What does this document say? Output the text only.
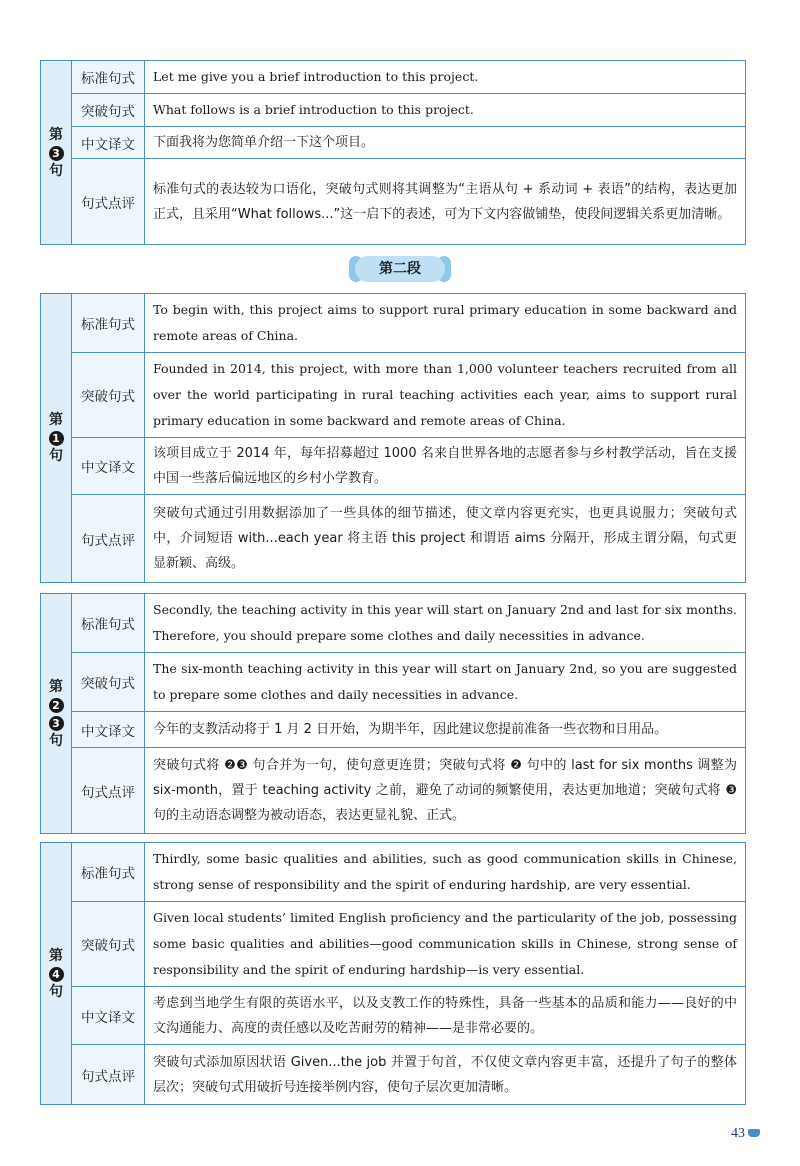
第
3
句	标准句式	Let me give you a brief introduction to this project.
	突破句式	What follows is a brief introduction to this project.
	中文译文	下面我将为您简单介绍一下这个项目。
	句式点评	标准句式的表达较为口语化，突破句式则将其调整为“主语从句 + 系动词 + 表语”的结构，表达更加正式，且采用“What follows...”这一启下的表述，可为下文内容做铺垫，使段间逻辑关系更加清晰。
第二段
第
1
句	标准句式	To begin with, this project aims to support rural primary education in some backward and remote areas of China.
	突破句式	Founded in 2014, this project, with more than 1,000 volunteer teachers recruited from all over the world participating in rural teaching activities each year, aims to support rural primary education in some backward and remote areas of China.
	中文译文	该项目成立于 2014 年，每年招募超过 1000 名来自世界各地的志愿者参与乡村教学活动，旨在支援中国一些落后偏远地区的乡村小学教育。
	句式点评	突破句式通过引用数据添加了一些具体的细节描述，使文章内容更充实，也更具说服力；突破句式中，介词短语 with...each year 将主语 this project 和谓语 aims 分隔开，形成主谓分隔，句式更显新颖、高级。
第
2
3
句	标准句式	Secondly, the teaching activity in this year will start on January 2nd and last for six months. Therefore, you should prepare some clothes and daily necessities in advance.
	突破句式	The six-month teaching activity in this year will start on January 2nd, so you are suggested to prepare some clothes and daily necessities in advance.
	中文译文	今年的支教活动将于 1 月 2 日开始，为期半年，因此建议您提前准备一些衣物和日用品。
	句式点评	突破句式将 ❷❸ 句合并为一句，使句意更连贯；突破句式将 ❷ 句中的 last for six months 调整为 six-month，置于 teaching activity 之前，避免了动词的频繁使用，表达更加地道；突破句式将 ❸ 句的主动语态调整为被动语态，表达更显礼貌、正式。
第
4
句	标准句式	Thirdly, some basic qualities and abilities, such as good communication skills in Chinese, strong sense of responsibility and the spirit of enduring hardship, are very essential.
	突破句式	Given local students’ limited English proficiency and the particularity of the job, possessing some basic qualities and abilities—good communication skills in Chinese, strong sense of responsibility and the spirit of enduring hardship—is very essential.
	中文译文	考虑到当地学生有限的英语水平，以及支教工作的特殊性，具备一些基本的品质和能力——良好的中文沟通能力、高度的责任感以及吃苦耐劳的精神——是非常必要的。
	句式点评	突破句式添加原因状语 Given...the job 并置于句首，不仅使文章内容更丰富，还提升了句子的整体层次；突破句式用破折号连接举例内容，使句子层次更加清晰。
43
